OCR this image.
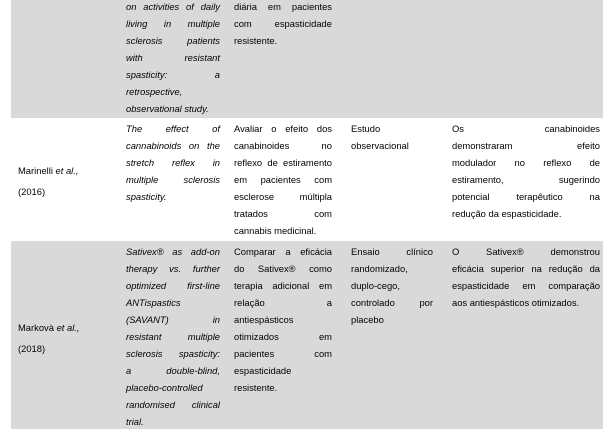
on activities of daily
living in multiple
sclerosis patients
with resistant
spasticity: a
retrospective,
observational study.
diária em pacientes
com espasticidade
resistente.
Marinelli et al.,
(2016)
The effect of
cannabinoids on the
stretch reflex in
multiple sclerosis
spasticity.
Avaliar o efeito dos
canabinoides no
reflexo de estiramento
em pacientes com
esclerose múltipla
tratados com
cannabis medicinal.
Estudo
observacional
Os canabinoides
demonstraram efeito
modulador no reflexo de
estiramento, sugerindo
potencial terapêutico na
redução da espasticidade.
Markovà et al.,
(2018)
Sativex® as add-on
therapy vs. further
optimized first-line
ANTispastics
(SAVANT) in
resistant multiple
sclerosis spasticity:
a double-blind,
placebo-controlled
randomised clinical
trial.
Comparar a eficácia
do Sativex® como
terapia adicional em
relação a
antiespásticos
otimizados em
pacientes com
espasticidade
resistente.
Ensaio clínico
randomizado,
duplo-cego,
controlado por
placebo
O Sativex® demonstrou
eficácia superior na redução da
espasticidade em comparação
aos antiespásticos otimizados.
